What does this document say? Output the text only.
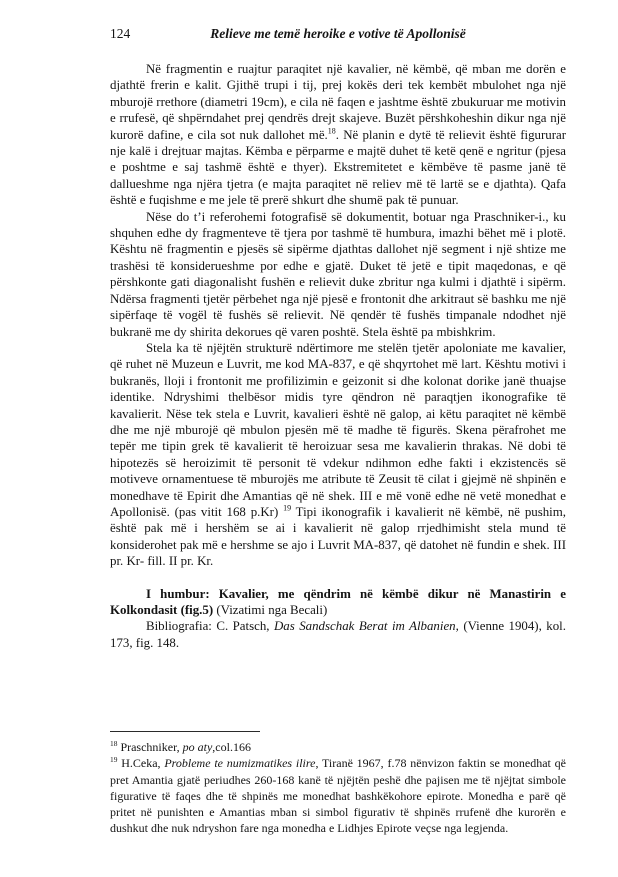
124	Relieve me temë heroike e votive të Apollonisë

Në fragmentin e ruajtur paraqitet një kavalier, në këmbë, që mban me dorën e djathtë frerin e kalit. Gjithë trupi i tij, prej kokës deri tek kembët mbulohet nga një mburojë rrethore (diametri 19cm), e cila në faqen e jashtme është zbukuruar me motivin e rrufesë, që shpërndahet prej qendrës drejt skajeve. Buzët përshkoheshin dikur nga një kurorë dafine, e cila sot nuk dallohet më.$^{18}$. Në planin e dytë të relievit është figururar nje kalë i drejtuar majtas. Këmba e përparme e majtë duhet të ketë qenë e ngritur (pjesa e poshtme e saj tashmë është e thyer). Ekstremitetet e këmbëve të pasme janë të dallueshme nga njëra tjetra (e majta paraqitet në reliev më të lartë se e djathta). Qafa është e fuqishme e me jele të prerë shkurt dhe shumë pak të punuar.

Nëse do t’i referohemi fotografisë së dokumentit, botuar nga Praschniker-i., ku shquhen edhe dy fragmenteve të tjera por tashmë të humbura, imazhi bëhet më i plotë. Kështu në fragmentin e pjesës së sipërme djathtas dallohet një segment i një shtize me trashësi të konsiderueshme por edhe e gjatë. Duket të jetë e tipit maqedonas, e që përshkonte gati diagonalisht fushën e relievit duke zbritur nga kulmi i djathtë i sipërm. Ndërsa fragmenti tjetër përbehet nga një pjesë e frontonit dhe arkitraut së bashku me një sipërfaqe të vogël të fushës së relievit. Në qendër të fushës timpanale ndodhet një bukranë me dy shirita dekorues që varen poshtë. Stela është pa mbishkrim.

Stela ka të njëjtën strukturë ndërtimore me stelën tjetër apoloniate me kavalier, që ruhet në Muzeun e Luvrit, me kod MA-837, e që shqyrtohet më lart. Kështu motivi i bukranës, lloji i frontonit me profilizimin e geizonit si dhe kolonat dorike janë thuajse identike. Ndryshimi thelbësor midis tyre qëndron në paraqtjen ikonografike të kavalierit. Nëse tek stela e Luvrit, kavalieri është në galop, ai këtu paraqitet në këmbë dhe me një mburojë që mbulon pjesën më të madhe të figurës. Skena përafrohet me tepër me tipin grek të kavalierit të heroizuar sesa me kavalierin thrakas. Në dobi të hipotezës së heroizimit të personit të vdekur ndihmon edhe fakti i ekzistencës së motiveve ornamentuese të mburojës me atribute të Zeusit të cilat i gjejmë në shpinën e monedhave të Epirit dhe Amantias që në shek. III e më vonë edhe në vetë monedhat e Apollonisë. (pas vitit 168 p.Kr) $^{19}$ Tipi ikonografik i kavalierit në këmbë, në pushim, është pak më i hershëm se ai i kavalierit në galop rrjedhimisht stela mund të konsiderohet pak më e hershme se ajo i Luvrit MA-837, që datohet në fundin e shek. III pr. Kr- fill. II pr. Kr.

I humbur: Kavalier, me qëndrim në këmbë dikur në Manastirin e Kolkondasit (fig.5) (Vizatimi nga Becali)

Bibliografia: C. Patsch, Das Sandschak Berat im Albanien, (Vienne 1904), kol. 173, fig. 148.

$^{18}$ Praschniker, po aty,col.166

$^{19}$ H.Ceka, Probleme te numizmatikes ilire, Tiranë 1967, f.78 nënvizon faktin se monedhat që pret Amantia gjatë periudhes 260-168 kanë të njëjtën peshë dhe pajisen me të njëjtat simbole figurative të faqes dhe të shpinës me monedhat bashkëkohore epirote. Monedha e parë që pritet në punishten e Amantias mban si simbol figurativ të shpinës rrufenë dhe kurorën e dushkut dhe nuk ndryshon fare nga monedha e Lidhjes Epirote veçse nga legjenda.
